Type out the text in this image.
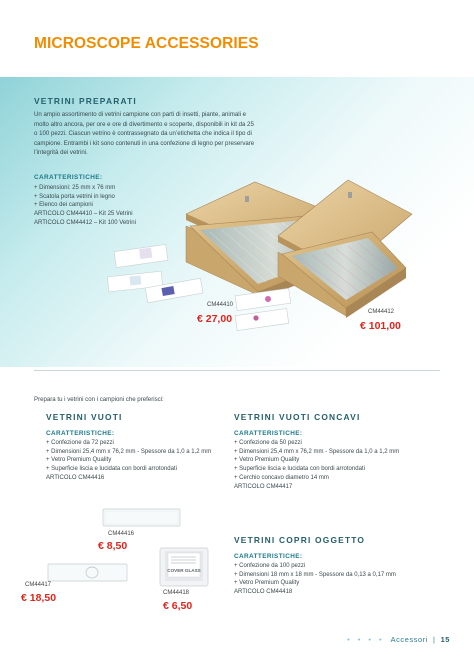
MICROSCOPE ACCESSORIES
VETRINI PREPARATI
Un ampio assortimento di vetrini campione con parti di insetti, piante, animali e molto altro ancora, per ore e ore di divertimento e scoperte, disponibili in kit da 25 o 100 pezzi. Ciascun vetrino è contrassegnato da un’etichetta che indica il tipo di campione. Entrambi i kit sono contenuti in una confezione di legno per preservare l’integrità dei vetrini.
CARATTERISTICHE:
+ Dimensioni: 25 mm x 76 mm
+ Scatola porta vetrini in legno
+ Elenco dei campioni
ARTICOLO CM44410 – Kit 25 Vetrini
ARTICOLO CM44412 – Kit 100 Vetrini
CM44410
€ 27,00
CM44412
€ 101,00
Prepara tu i vetrini con i campioni che preferisci:
VETRINI VUOTI
CARATTERISTICHE:
+ Confezione da 72 pezzi
+ Dimensioni 25,4 mm x 76,2 mm - Spessore da 1,0 a 1,2 mm
+ Vetro Premium Quality
+ Superficie liscia e lucidata con bordi arrotondati
ARTICOLO CM44416
VETRINI VUOTI CONCAVI
CARATTERISTICHE:
+ Confezione da 50 pezzi
+ Dimensioni 25,4 mm x 76,2 mm - Spessore da 1,0 a 1,2 mm
+ Vetro Premium Quality
+ Superficie liscia e lucidata con bordi arrotondati
+ Cerchio concavo diametro 14 mm
ARTICOLO CM44417
VETRINI COPRI OGGETTO
CARATTERISTICHE:
+ Confezione da 100 pezzi
+ Dimensioni 18 mm x 18 mm - Spessore da 0,13 a 0,17 mm
+ Vetro Premium Quality
ARTICOLO CM44418
COVER GLASS
CM44416
€ 8,50
CM44417
€ 18,50	CM44418
€ 6,50
• • • • Accessori | 15
